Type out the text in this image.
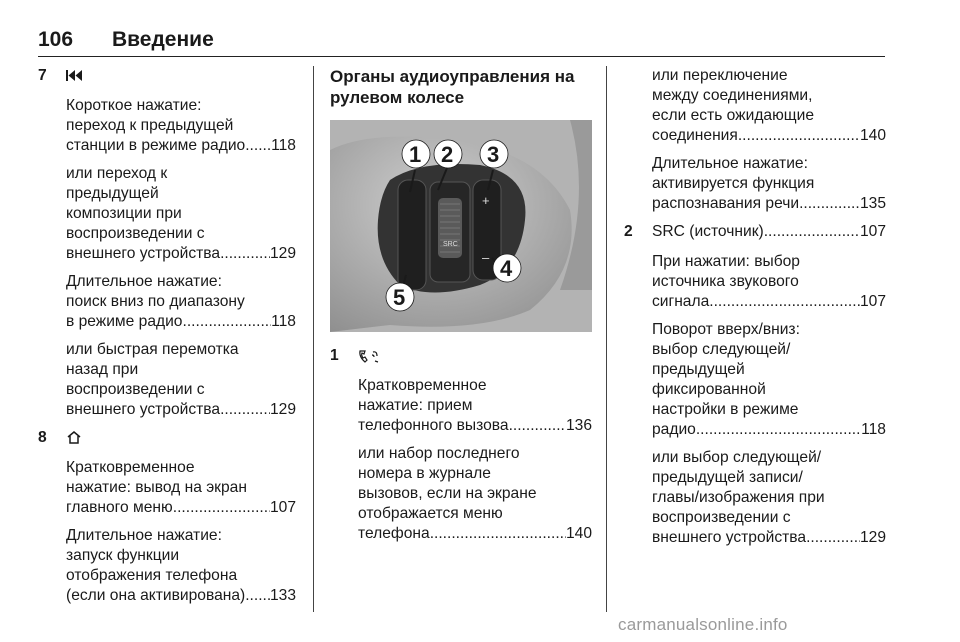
106 Введение
7
Короткое нажатие:
переход к предыдущей
станции в режиме радио ..... 118
или переход к
предыдущей
композиции при
воспроизведении с
внешнего устройства .....	129
Длительное нажатие:
поиск вниз по диапазону
в режиме радио .....	118
или быстрая перемотка
назад при
воспроизведении с
внешнего устройства .....	129
8
Кратковременное
нажатие: вывод на экран
главного меню .....	107
Длительное нажатие:
запуск функции
отображения телефона
(если она активирована) ..... 133
Органы аудиоуправления на
рулевом колесе
SRC
+
–
1 2 3
4
5
1
Кратковременное
нажатие: прием
телефонного вызова .....	136
или набор последнего
номера в журнале
вызовов, если на экране
отображается меню
телефона .....	140
или переключение
между соединениями,
если есть ожидающие
соединения .....	140
Длительное нажатие:
активируется функция
распознавания речи .....	135
2	SRC (источник) .....	107
При нажатии: выбор
источника звукового
сигнала .....	107
Поворот вверх/вниз:
выбор следующей/
предыдущей
фиксированной
настройки в режиме
радио .....	118
или выбор следующей/
предыдущей записи/
главы/изображения при
воспроизведении с
внешнего устройства .....	129
carmanualsonline.info
